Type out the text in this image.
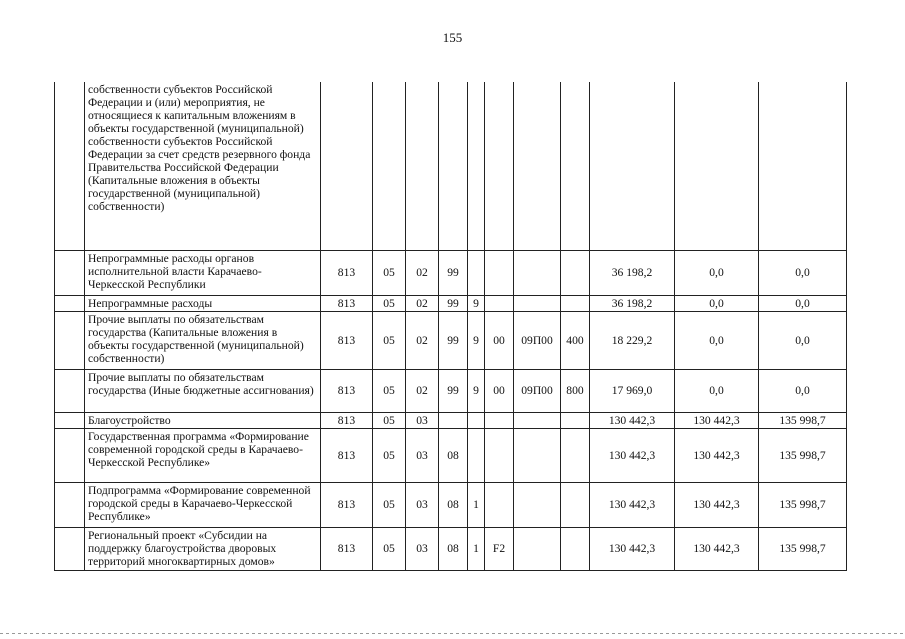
155
	собственности субъектов Российской Федерации и (или) мероприятия, не относящиеся к капитальным вложениям в объекты государственной (муниципальной) собственности субъектов Российской Федерации за счет средств резервного фонда Правительства Российской Федерации (Капитальные вложения в объекты государственной (муниципальной) собственности)											
	Непрограммные расходы органов исполнительной власти Карачаево-Черкесской Республики	813	05	02	99					36 198,2	0,0	0,0
	Непрограммные расходы	813	05	02	99	9				36 198,2	0,0	0,0
	Прочие выплаты по обязательствам государства (Капитальные вложения в объекты государственной (муниципальной) собственности)	813	05	02	99	9	00	09П00	400	18 229,2	0,0	0,0
	Прочие выплаты по обязательствам государства (Иные бюджетные ассигнования)	813	05	02	99	9	00	09П00	800	17 969,0	0,0	0,0
	Благоустройство	813	05	03						130 442,3	130 442,3	135 998,7
	Государственная программа «Формирование современной городской среды в Карачаево-Черкесской Республике»	813	05	03	08					130 442,3	130 442,3	135 998,7
	Подпрограмма «Формирование современной городской среды в Карачаево-Черкесской Республике»	813	05	03	08	1				130 442,3	130 442,3	135 998,7
	Региональный проект «Субсидии на поддержку благоустройства дворовых территорий многоквартирных домов»	813	05	03	08	1	F2			130 442,3	130 442,3	135 998,7
